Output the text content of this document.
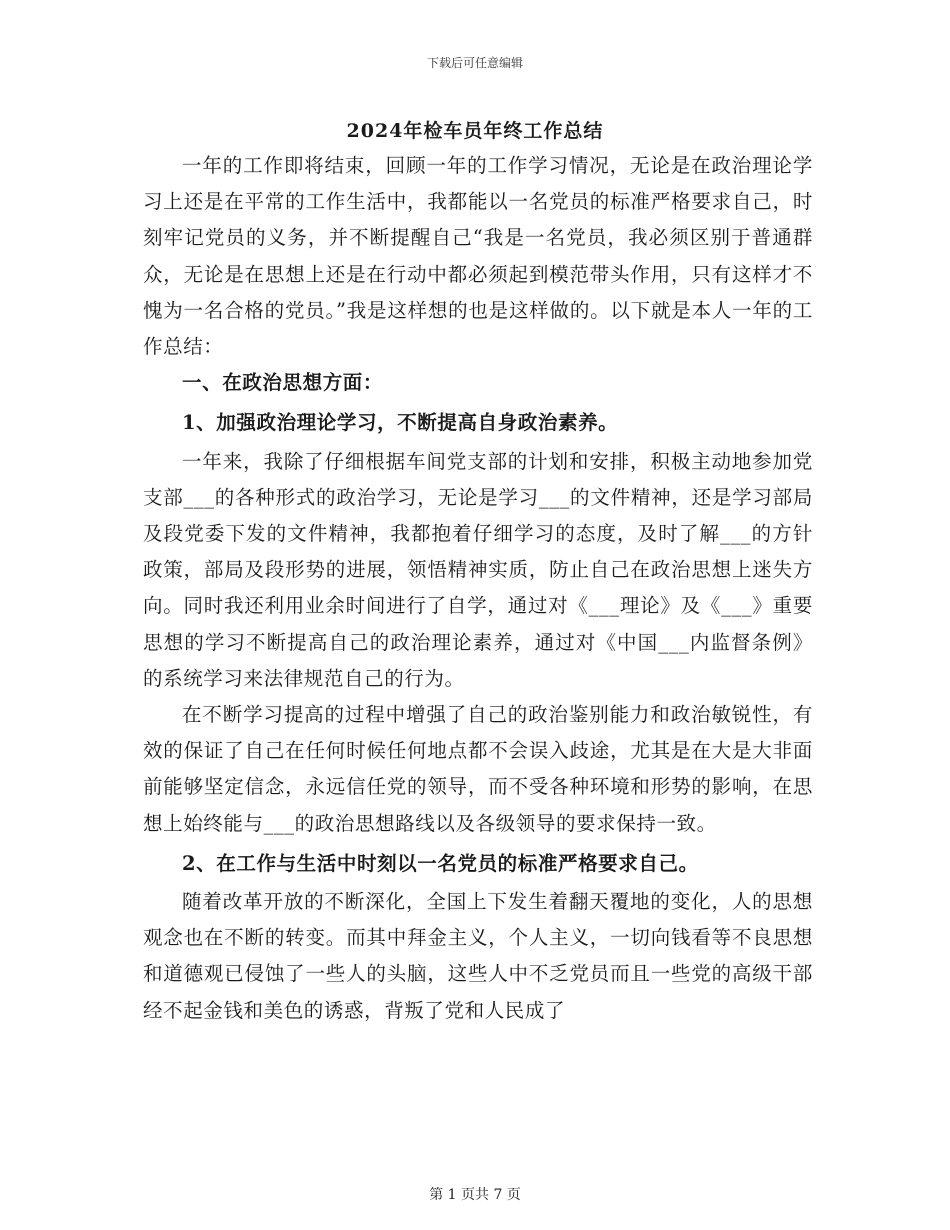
下载后可任意编辑
2024年检车员年终工作总结

一年的工作即将结束，回顾一年的工作学习情况，无论是在政治理论学习上还是在平常的工作生活中，我都能以一名党员的标准严格要求自己，时刻牢记党员的义务，并不断提醒自己“我是一名党员，我必须区别于普通群众，无论是在思想上还是在行动中都必须起到模范带头作用，只有这样才不愧为一名合格的党员。”我是这样想的也是这样做的。以下就是本人一年的工作总结：

一、在政治思想方面：

1、加强政治理论学习，不断提高自身政治素养。

一年来，我除了仔细根据车间党支部的计划和安排，积极主动地参加党支部___的各种形式的政治学习，无论是学习___的文件精神，还是学习部局及段党委下发的文件精神，我都抱着仔细学习的态度，及时了解___的方针政策，部局及段形势的进展，领悟精神实质，防止自己在政治思想上迷失方向。同时我还利用业余时间进行了自学，通过对《___理论》及《___》重要思想的学习不断提高自己的政治理论素养，通过对《中国___内监督条例》的系统学习来法律规范自己的行为。

在不断学习提高的过程中增强了自己的政治鉴别能力和政治敏锐性，有效的保证了自己在任何时候任何地点都不会误入歧途，尤其是在大是大非面前能够坚定信念，永远信任党的领导，而不受各种环境和形势的影响，在思想上始终能与___的政治思想路线以及各级领导的要求保持一致。

2、在工作与生活中时刻以一名党员的标准严格要求自己。

随着改革开放的不断深化，全国上下发生着翻天覆地的变化，人的思想观念也在不断的转变。而其中拜金主义，个人主义，一切向钱看等不良思想和道德观已侵蚀了一些人的头脑，这些人中不乏党员而且一些党的高级干部经不起金钱和美色的诱惑，背叛了党和人民成了

第 1 页共 7 页
